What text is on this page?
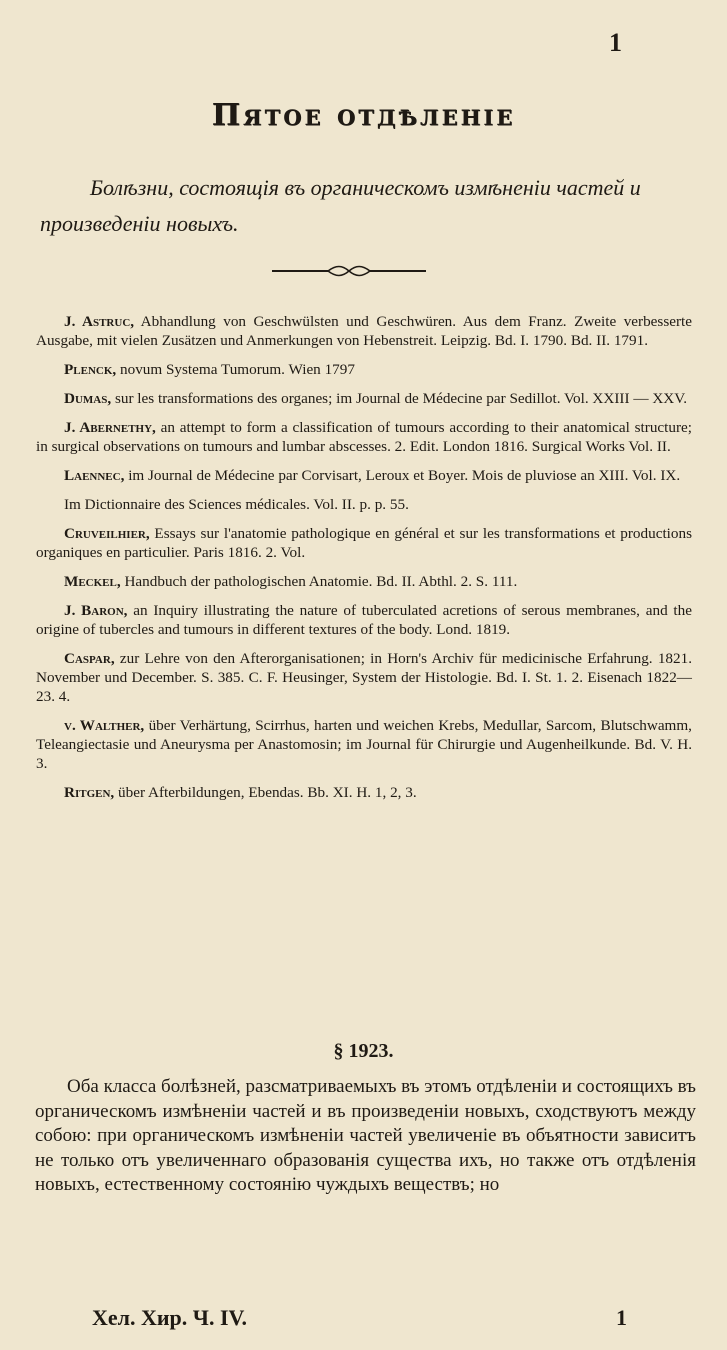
1
Пятое отдѣленіе
Болѣзни, состоящія въ органическомъ измѣненіи частей и произведеніи новыхъ.

J. Astruc, Abhandlung von Geschwülsten und Geschwüren. Aus dem Franz. Zweite verbesserte Ausgabe, mit vielen Zusätzen und Anmerkungen von Hebenstreit. Leipzig. Bd. I. 1790. Bd. II. 1791.

Plenck, novum Systema Tumorum. Wien 1797

Dumas, sur les transformations des organes; im Journal de Médecine par Sedillot. Vol. XXIII — XXV.

J. Abernethy, an attempt to form a classification of tumours according to their anatomical structure; in surgical observations on tumours and lumbar abscesses. 2. Edit. London 1816. Surgical Works Vol. II.

Laennec, im Journal de Médecine par Corvisart, Leroux et Boyer. Mois de pluviose an XIII. Vol. IX.

Im Dictionnaire des Sciences médicales. Vol. II. p. p. 55.

Cruveilhier, Essays sur l'anatomie pathologique en général et sur les transformations et productions organiques en particulier. Paris 1816. 2. Vol.

Meckel, Handbuch der pathologischen Anatomie. Bd. II. Abthl. 2. S. 111.

J. Baron, an Inquiry illustrating the nature of tuberculated acretions of serous membranes, and the origine of tubercles and tumours in different textures of the body. Lond. 1819.

Caspar, zur Lehre von den Afterorganisationen; in Horn's Archiv für medicinische Erfahrung. 1821. November und December. S. 385. C. F. Heusinger, System der Histologie. Bd. I. St. 1. 2. Eisenach 1822—23. 4.

v. Walther, über Verhärtung, Scirrhus, harten und weichen Krebs, Medullar, Sarcom, Blutschwamm, Teleangiectasie und Aneurysma per Anastomosin; im Journal für Chirurgie und Augenheilkunde. Bd. V. H. 3.

Ritgen, über Afterbildungen, Ebendas. Bb. XI. H. 1, 2, 3.

§ 1923.
Оба класса болѣзней, разсматриваемыхъ въ этомъ отдѣленіи и состоящихъ въ органическомъ измѣненіи частей и въ произведеніи новыхъ, сходствуютъ между собою: при органическомъ измѣненіи частей увеличеніе въ объятности зависитъ не только отъ увеличеннаго образованія существа ихъ, но также отъ отдѣленія новыхъ, естественному состоянію чуждыхъ веществъ; но
Хел. Хир. Ч. IV.	1
